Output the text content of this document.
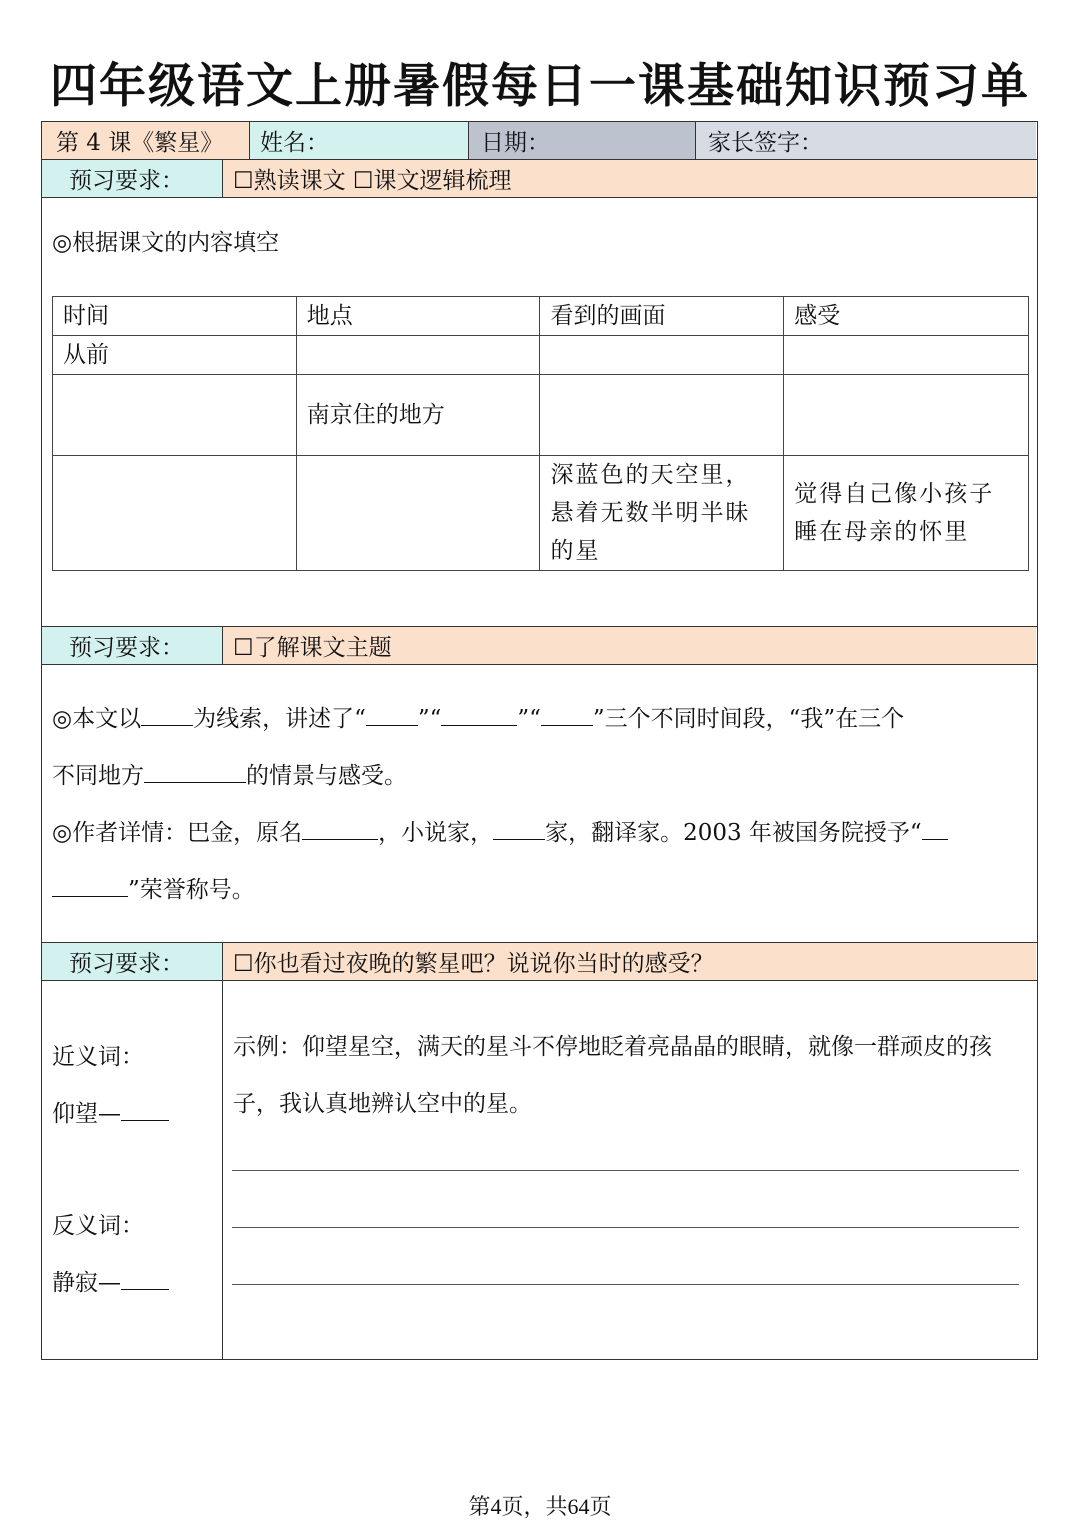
四年级语文上册暑假每日一课基础知识预习单
第 4 课《繁星》 姓名：	日期：	家长签字：
预习要求： ☐熟读课文 ☐课文逻辑梳理
◎根据课文的内容填空
时间	地点	看到的画面	感受
从前			
	南京住的地方		
		深蓝色的天空里，悬着无数半明半昧的星	觉得自己像小孩子睡在母亲的怀里
预习要求： ☐了解课文主题
◎本文以 为线索，讲述了“ ”“	”“ ”三个不同时间段，“我”在三个
不同地方	的情景与感受。
◎作者详情：巴金，原名	，小说家， 家，翻译家。2003 年被国务院授予“
”荣誉称号。
预习要求： ☐你也看过夜晚的繁星吧？说说你当时的感受？
近义词：
仰望—
反义词：
静寂—
示例：仰望星空，满天的星斗不停地眨着亮晶晶的眼睛，就像一群顽皮的孩子，我认真地辨认空中的星。
第4页，共64页
